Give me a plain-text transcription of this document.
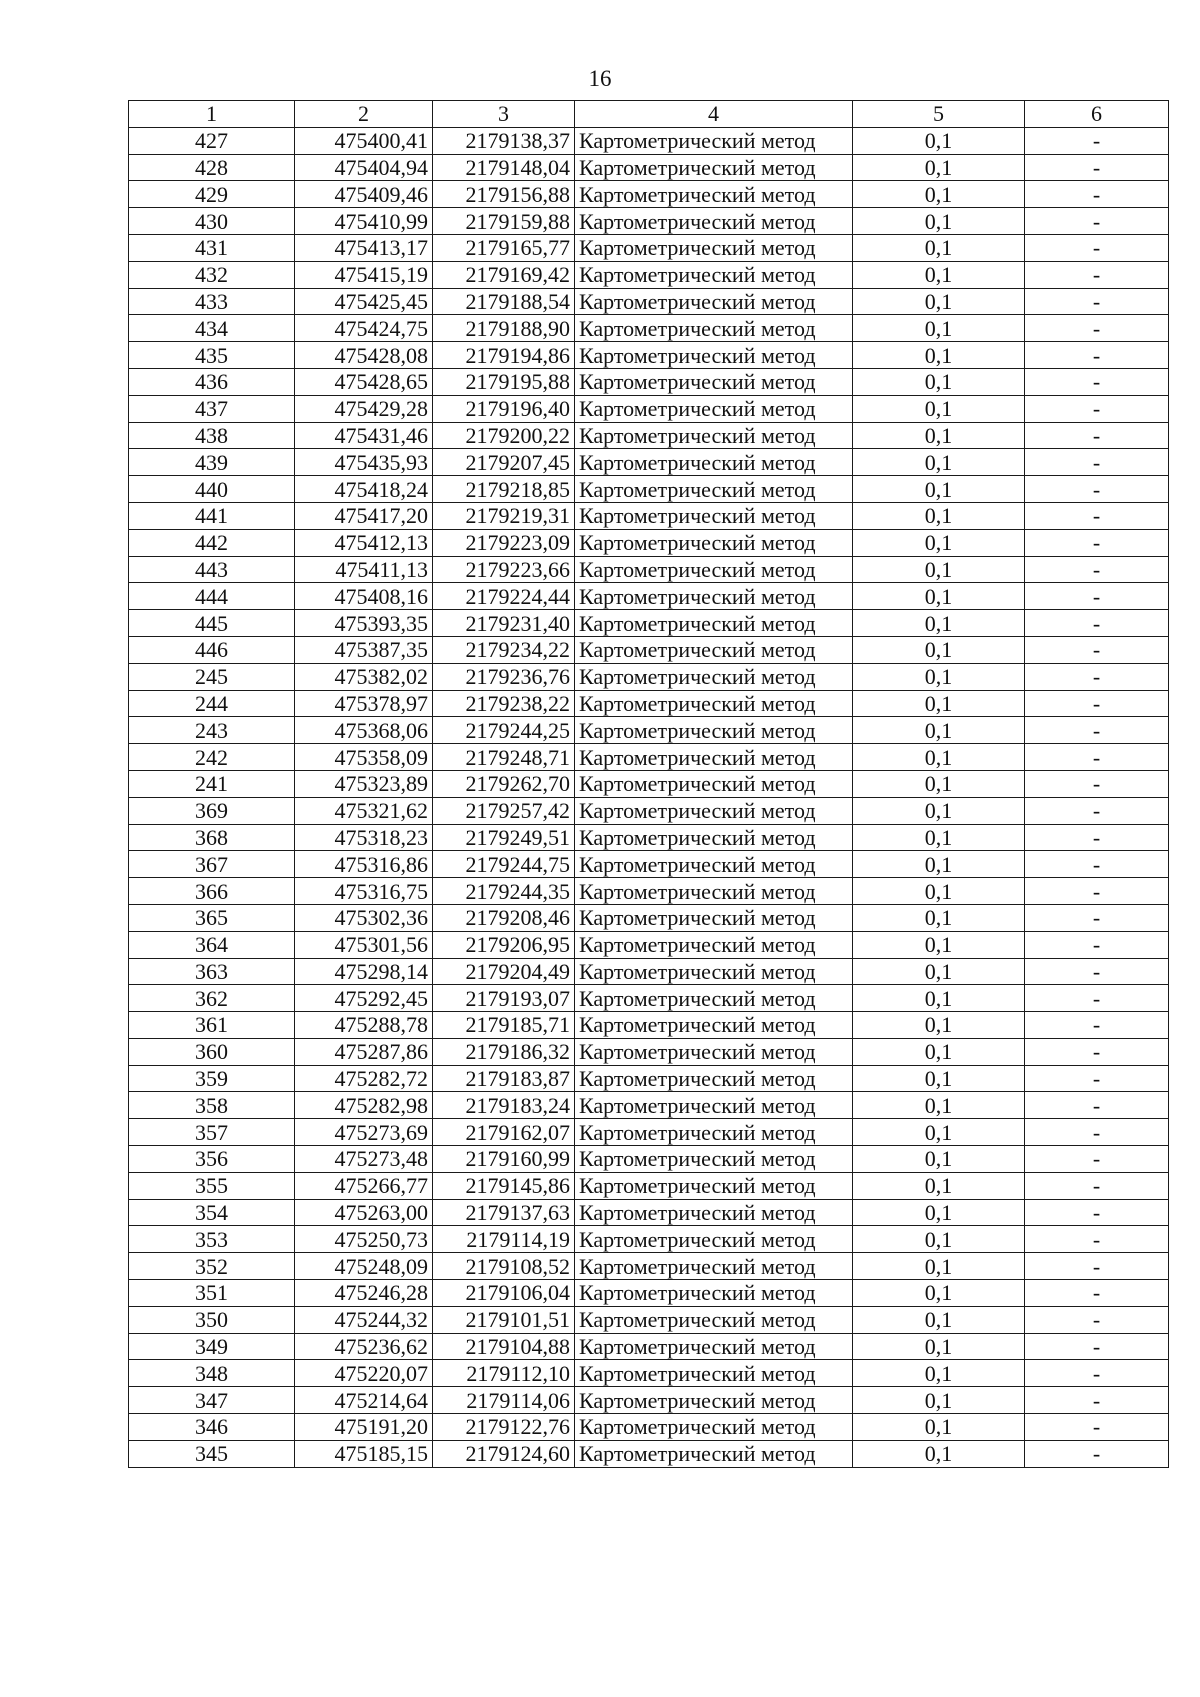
16
1	2	3	4	5	6
427	475400,41	2179138,37	Картометрический метод	0,1	-
428	475404,94	2179148,04	Картометрический метод	0,1	-
429	475409,46	2179156,88	Картометрический метод	0,1	-
430	475410,99	2179159,88	Картометрический метод	0,1	-
431	475413,17	2179165,77	Картометрический метод	0,1	-
432	475415,19	2179169,42	Картометрический метод	0,1	-
433	475425,45	2179188,54	Картометрический метод	0,1	-
434	475424,75	2179188,90	Картометрический метод	0,1	-
435	475428,08	2179194,86	Картометрический метод	0,1	-
436	475428,65	2179195,88	Картометрический метод	0,1	-
437	475429,28	2179196,40	Картометрический метод	0,1	-
438	475431,46	2179200,22	Картометрический метод	0,1	-
439	475435,93	2179207,45	Картометрический метод	0,1	-
440	475418,24	2179218,85	Картометрический метод	0,1	-
441	475417,20	2179219,31	Картометрический метод	0,1	-
442	475412,13	2179223,09	Картометрический метод	0,1	-
443	475411,13	2179223,66	Картометрический метод	0,1	-
444	475408,16	2179224,44	Картометрический метод	0,1	-
445	475393,35	2179231,40	Картометрический метод	0,1	-
446	475387,35	2179234,22	Картометрический метод	0,1	-
245	475382,02	2179236,76	Картометрический метод	0,1	-
244	475378,97	2179238,22	Картометрический метод	0,1	-
243	475368,06	2179244,25	Картометрический метод	0,1	-
242	475358,09	2179248,71	Картометрический метод	0,1	-
241	475323,89	2179262,70	Картометрический метод	0,1	-
369	475321,62	2179257,42	Картометрический метод	0,1	-
368	475318,23	2179249,51	Картометрический метод	0,1	-
367	475316,86	2179244,75	Картометрический метод	0,1	-
366	475316,75	2179244,35	Картометрический метод	0,1	-
365	475302,36	2179208,46	Картометрический метод	0,1	-
364	475301,56	2179206,95	Картометрический метод	0,1	-
363	475298,14	2179204,49	Картометрический метод	0,1	-
362	475292,45	2179193,07	Картометрический метод	0,1	-
361	475288,78	2179185,71	Картометрический метод	0,1	-
360	475287,86	2179186,32	Картометрический метод	0,1	-
359	475282,72	2179183,87	Картометрический метод	0,1	-
358	475282,98	2179183,24	Картометрический метод	0,1	-
357	475273,69	2179162,07	Картометрический метод	0,1	-
356	475273,48	2179160,99	Картометрический метод	0,1	-
355	475266,77	2179145,86	Картометрический метод	0,1	-
354	475263,00	2179137,63	Картометрический метод	0,1	-
353	475250,73	2179114,19	Картометрический метод	0,1	-
352	475248,09	2179108,52	Картометрический метод	0,1	-
351	475246,28	2179106,04	Картометрический метод	0,1	-
350	475244,32	2179101,51	Картометрический метод	0,1	-
349	475236,62	2179104,88	Картометрический метод	0,1	-
348	475220,07	2179112,10	Картометрический метод	0,1	-
347	475214,64	2179114,06	Картометрический метод	0,1	-
346	475191,20	2179122,76	Картометрический метод	0,1	-
345	475185,15	2179124,60	Картометрический метод	0,1	-
